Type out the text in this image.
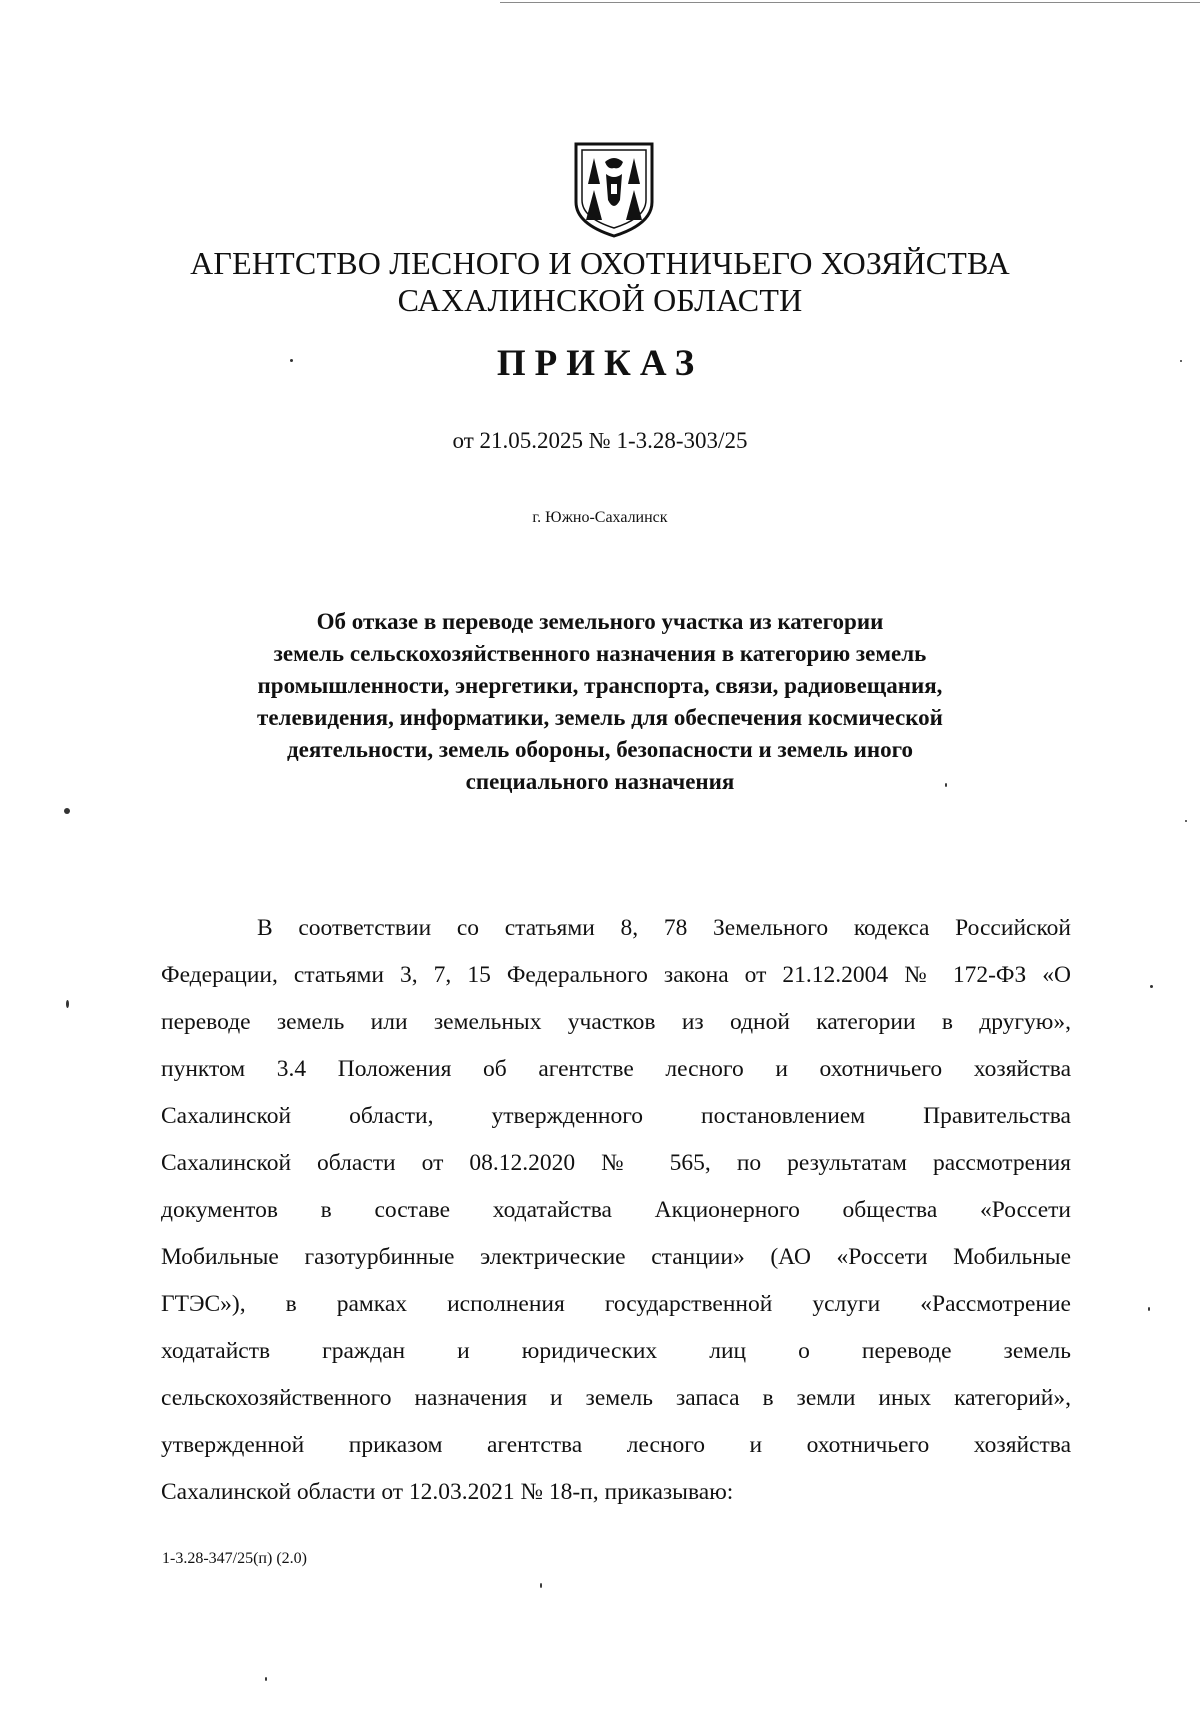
АГЕНТСТВО ЛЕСНОГО И ОХОТНИЧЬЕГО ХОЗЯЙСТВА
САХАЛИНСКОЙ ОБЛАСТИ
ПРИКАЗ
от 21.05.2025 № 1-3.28-303/25
г. Южно-Сахалинск
Об отказе в переводе земельного участка из категории
земель сельскохозяйственного назначения в категорию земель
промышленности, энергетики, транспорта, связи, радиовещания,
телевидения, информатики, земель для обеспечения космической
деятельности, земель обороны, безопасности и земель иного
специального назначения
В соответствии со статьями 8, 78 Земельного кодекса Российской
Федерации, статьями 3, 7, 15 Федерального закона от 21.12.2004 № 172-ФЗ «О
переводе земель или земельных участков из одной категории в другую»,
пунктом 3.4 Положения об агентстве лесного и охотничьего хозяйства
Сахалинской области, утвержденного постановлением Правительства
Сахалинской области от 08.12.2020 № 565, по результатам рассмотрения
документов в составе ходатайства Акционерного общества «Россети
Мобильные газотурбинные электрические станции» (АО «Россети Мобильные
ГТЭС»), в рамках исполнения государственной услуги «Рассмотрение
ходатайств граждан и юридических лиц о переводе земель
сельскохозяйственного назначения и земель запаса в земли иных категорий»,
утвержденной приказом агентства лесного и охотничьего хозяйства
Сахалинской области от 12.03.2021 № 18-п, приказываю:
1-3.28-347/25(п) (2.0)
